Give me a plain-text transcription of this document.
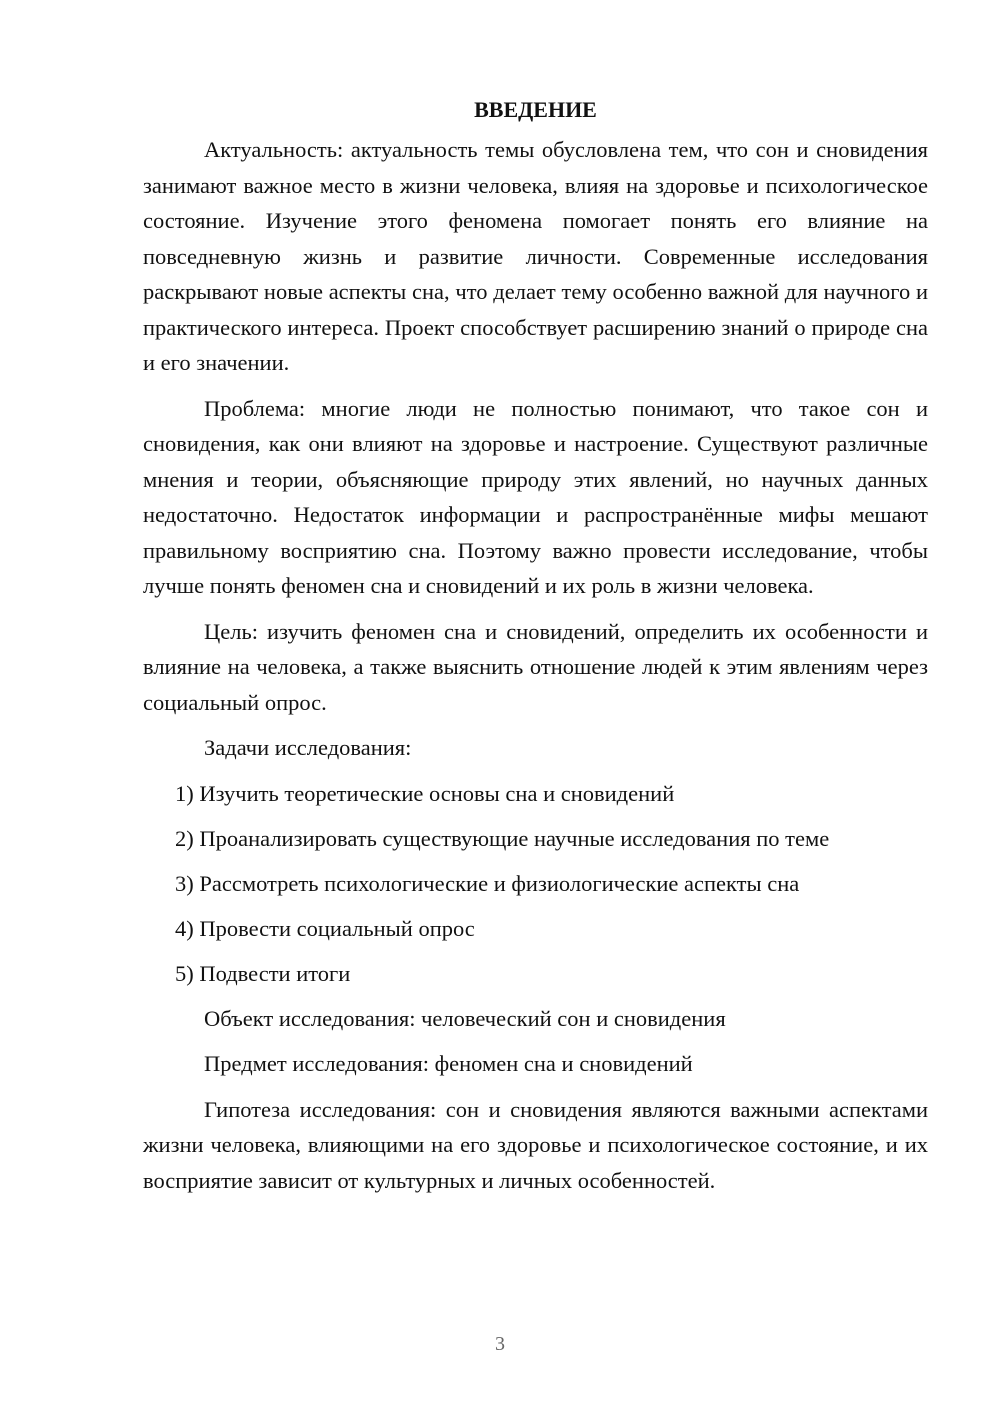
ВВЕДЕНИЕ

Актуальность: актуальность темы обусловлена тем, что сон и сновидения занимают важное место в жизни человека, влияя на здоровье и психологическое состояние. Изучение этого феномена помогает понять его влияние на повседневную жизнь и развитие личности. Современные исследования раскрывают новые аспекты сна, что делает тему особенно важной для научного и практического интереса. Проект способствует расширению знаний о природе сна и его значении.

Проблема: многие люди не полностью понимают, что такое сон и сновидения, как они влияют на здоровье и настроение. Существуют различные мнения и теории, объясняющие природу этих явлений, но научных данных недостаточно. Недостаток информации и распространённые мифы мешают правильному восприятию сна. Поэтому важно провести исследование, чтобы лучше понять феномен сна и сновидений и их роль в жизни человека.

Цель: изучить феномен сна и сновидений, определить их особенности и влияние на человека, а также выяснить отношение людей к этим явлениям через социальный опрос.

Задачи исследования:

1) Изучить теоретические основы сна и сновидений
2) Проанализировать существующие научные исследования по теме
3) Рассмотреть психологические и физиологические аспекты сна
4) Провести социальный опрос
5) Подвести итоги

Объект исследования: человеческий сон и сновидения

Предмет исследования: феномен сна и сновидений

Гипотеза исследования: сон и сновидения являются важными аспектами жизни человека, влияющими на его здоровье и психологическое состояние, и их восприятие зависит от культурных и личных особенностей.

3
